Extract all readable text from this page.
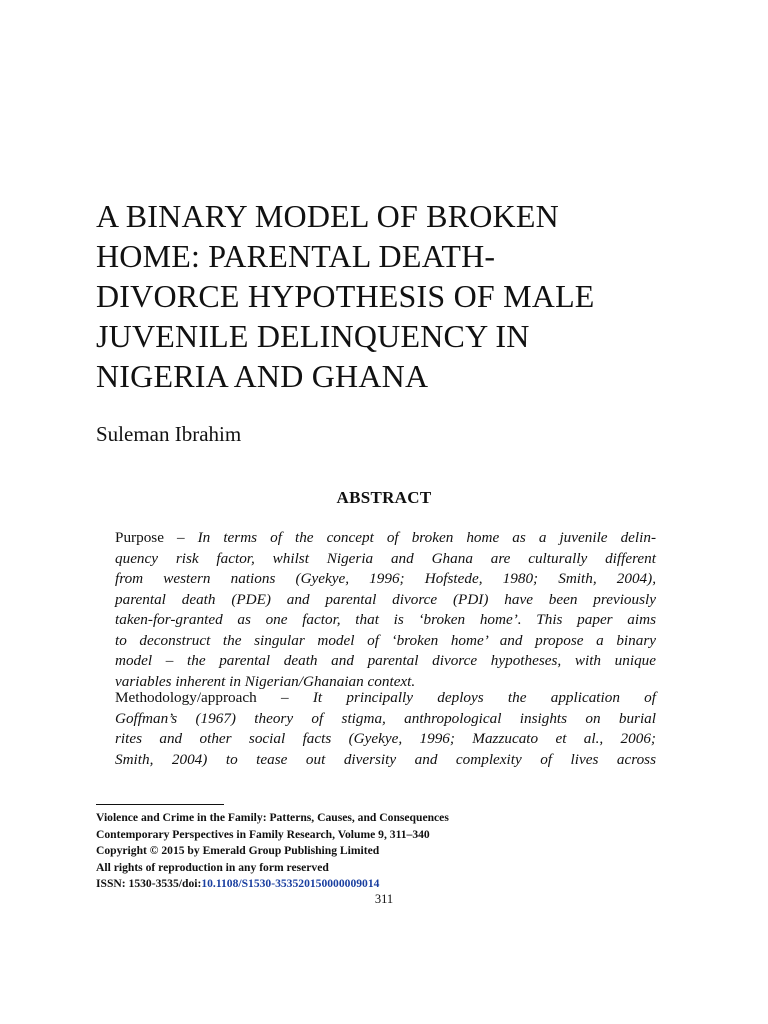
A BINARY MODEL OF BROKEN
HOME: PARENTAL DEATH-
DIVORCE HYPOTHESIS OF MALE
JUVENILE DELINQUENCY IN
NIGERIA AND GHANA
Suleman Ibrahim
ABSTRACT
Purpose – In terms of the concept of broken home as a juvenile delin-
quency risk factor, whilst Nigeria and Ghana are culturally different
from western nations (Gyekye, 1996; Hofstede, 1980; Smith, 2004),
parental death (PDE) and parental divorce (PDI) have been previously
taken-for-granted as one factor, that is ‘broken home’. This paper aims
to deconstruct the singular model of ‘broken home’ and propose a binary
model – the parental death and parental divorce hypotheses, with unique
variables inherent in Nigerian/Ghanaian context.
Methodology/approach – It principally deploys the application of
Goffman’s (1967) theory of stigma, anthropological insights on burial
rites and other social facts (Gyekye, 1996; Mazzucato et al., 2006;
Smith, 2004) to tease out diversity and complexity of lives across
Violence and Crime in the Family: Patterns, Causes, and Consequences
Contemporary Perspectives in Family Research, Volume 9, 311–340
Copyright © 2015 by Emerald Group Publishing Limited
All rights of reproduction in any form reserved
ISSN: 1530-3535/doi:10.1108/S1530-353520150000009014
311
